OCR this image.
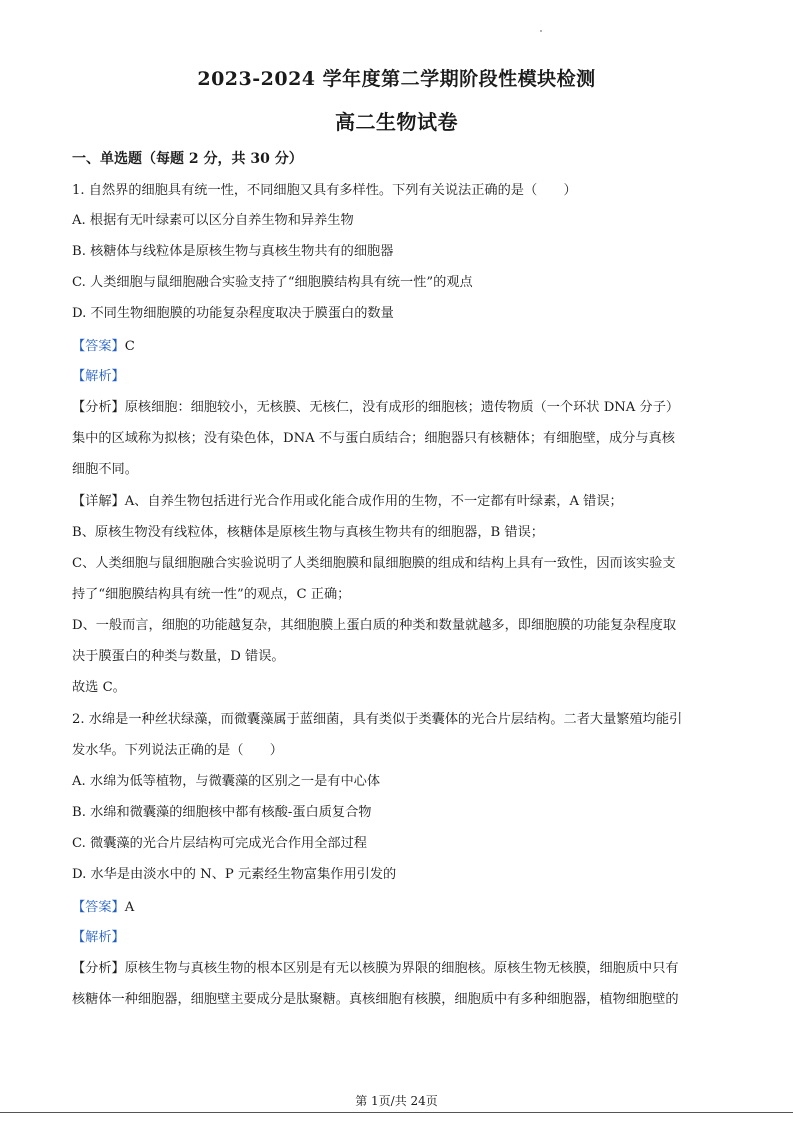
2023-2024 学年度第二学期阶段性模块检测
高二生物试卷
一、单选题（每题 2 分，共 30 分）
1. 自然界的细胞具有统一性，不同细胞又具有多样性。下列有关说法正确的是（　　）
A. 根据有无叶绿素可以区分自养生物和异养生物
B. 核糖体与线粒体是原核生物与真核生物共有的细胞器
C. 人类细胞与鼠细胞融合实验支持了“细胞膜结构具有统一性”的观点
D. 不同生物细胞膜的功能复杂程度取决于膜蛋白的数量
【答案】C
【解析】
【分析】原核细胞：细胞较小，无核膜、无核仁，没有成形的细胞核；遗传物质（一个环状 DNA 分子）
集中的区域称为拟核；没有染色体，DNA 不与蛋白质结合；细胞器只有核糖体；有细胞壁，成分与真核
细胞不同。
【详解】A、自养生物包括进行光合作用或化能合成作用的生物，不一定都有叶绿素，A 错误；
B、原核生物没有线粒体，核糖体是原核生物与真核生物共有的细胞器，B 错误；
C、人类细胞与鼠细胞融合实验说明了人类细胞膜和鼠细胞膜的组成和结构上具有一致性，因而该实验支
持了“细胞膜结构具有统一性”的观点，C 正确；
D、一般而言，细胞的功能越复杂，其细胞膜上蛋白质的种类和数量就越多，即细胞膜的功能复杂程度取
决于膜蛋白的种类与数量，D 错误。
故选 C。
2. 水绵是一种丝状绿藻，而微囊藻属于蓝细菌，具有类似于类囊体的光合片层结构。二者大量繁殖均能引
发水华。下列说法正确的是（　　）
A. 水绵为低等植物，与微囊藻的区别之一是有中心体
B. 水绵和微囊藻的细胞核中都有核酸-蛋白质复合物
C. 微囊藻的光合片层结构可完成光合作用全部过程
D. 水华是由淡水中的 N、P 元素经生物富集作用引发的
【答案】A
【解析】
【分析】原核生物与真核生物的根本区别是有无以核膜为界限的细胞核。原核生物无核膜，细胞质中只有
核糖体一种细胞器，细胞壁主要成分是肽聚糖。真核细胞有核膜，细胞质中有多种细胞器，植物细胞壁的
第 1页/共 24页
